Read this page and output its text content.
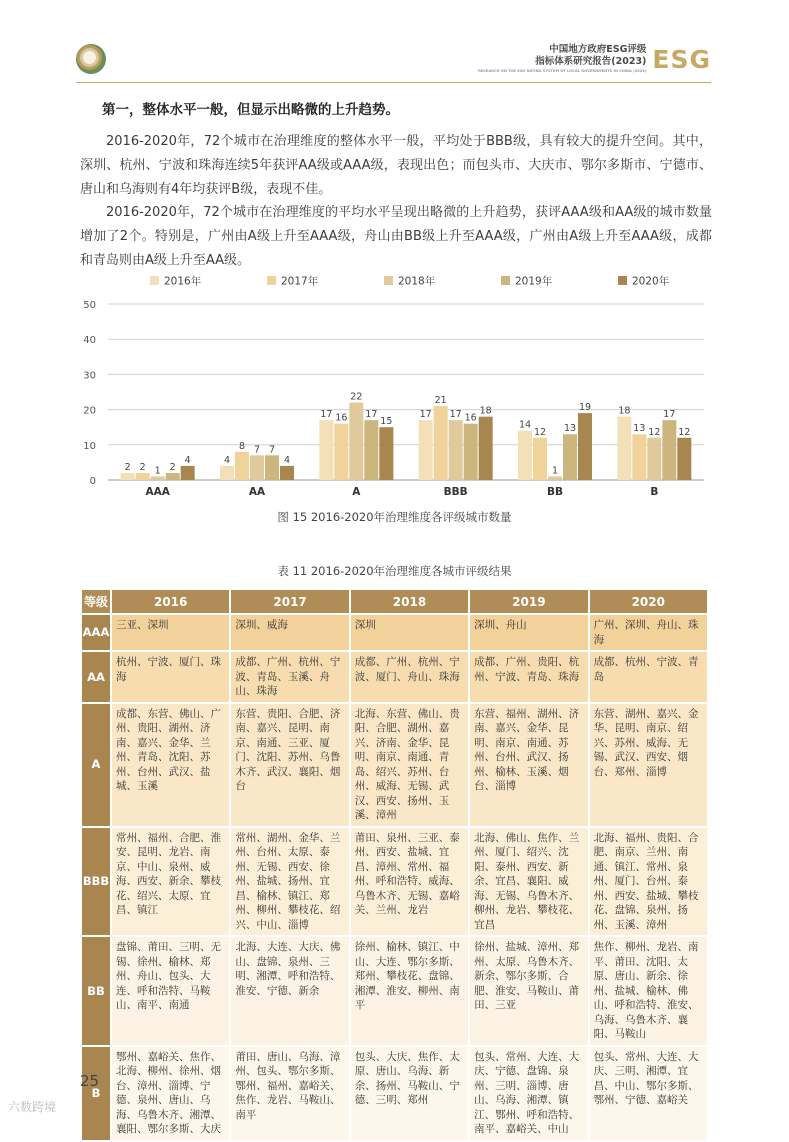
中国地方政府ESG评级
指标体系研究报告(2023)
RESEARCH ON THE ESG RATING SYSTEM OF LOCAL GOVERNMENTS IN CHINA (2023) ESG
第一，整体水平一般，但显示出略微的上升趋势。
2016-2020年，72个城市在治理维度的整体水平一般，平均处于BBB级，具有较大的提升空间。其中，深圳、杭州、宁波和珠海连续5年获评AA级或AAA级，表现出色；而包头市、大庆市、鄂尔多斯市、宁德市、唐山和乌海则有4年均获评B级，表现不佳。
2016-2020年，72个城市在治理维度的平均水平呈现出略微的上升趋势，获评AAA级和AA级的城市数量增加了2个。特别是，广州由A级上升至AAA级，舟山由BB级上升至AAA级，广州由A级上升至AAA级，成都和青岛则由A级上升至AA级。
2016年	2017年	2018年	2019年	2020年
0
10
20
30
40
50
2 2 1 2
4
AAA
4
8 7 7
4
AA
17 16
22
17
15
A
17
21
17 16
18
BBB
14
12
1
13
19
BB
18
13 12
17
12
B
图 15 2016-2020年治理维度各评级城市数量
表 11 2016-2020年治理维度各城市评级结果
等级	2016	2017	2018	2019	2020
AAA	三亚、深圳	深圳、威海	深圳	深圳、舟山	广州、深圳、舟山、珠海
AA	杭州、宁波、厦门、珠海	成都、广州、杭州、宁波、青岛、玉溪、舟山、珠海	成都、广州、杭州、宁波、厦门、舟山、珠海	成都、广州、贵阳、杭州、宁波、青岛、珠海	成都、杭州、宁波、青岛
A	成都、东营、佛山、广州、贵阳、湖州、济南、嘉兴、金华、兰州、青岛、沈阳、苏州、台州、武汉、盐城、玉溪	东营、贵阳、合肥、济南、嘉兴、昆明、南京、南通、三亚、厦门、沈阳、苏州、乌鲁木齐、武汉、襄阳、烟台	北海、东营、佛山、贵阳、合肥、湖州、嘉兴、济南、金华、昆明、南京、南通、青岛、绍兴、苏州、台州、威海、无锡、武汉、西安、扬州、玉溪、漳州	东营、福州、湖州、济南、嘉兴、金华、昆明、南京、南通、苏州、台州、武汉、扬州、榆林、玉溪、烟台、淄博	东营、湖州、嘉兴、金华、昆明、南京、绍兴、苏州、威海、无锡、武汉、西安、烟台、郑州、淄博
BBB	常州、福州、合肥、淮安、昆明、龙岩、南京、中山、泉州、威海、西安、新余、攀枝花、绍兴、太原、宜昌、镇江	常州、湖州、金华、兰州、台州、太原、泰州、无锡、西安、徐州、盐城、扬州、宜昌、榆林、镇江、郑州、柳州、攀枝花、绍兴、中山、淄博	莆田、泉州、三亚、泰州、西安、盐城、宜昌、漳州、常州、福州、呼和浩特、威海、乌鲁木齐、无锡、嘉峪关、兰州、龙岩	北海、佛山、焦作、兰州、厦门、绍兴、沈阳、泰州、西安、新余、宜昌、襄阳、威海、无锡、乌鲁木齐、柳州、龙岩、攀枝花、宜昌	北海、福州、贵阳、合肥、南京、兰州、南通、镇江、常州、泉州、厦门、台州、泰州、西安、盐城、攀枝花、盘锦、泉州、扬州、玉溪、漳州
BB	盘锦、莆田、三明、无锡、徐州、榆林、郑州、舟山、包头、大连、呼和浩特、马鞍山、南平、南通	北海、大连、大庆、佛山、盘锦、泉州、三明、湘潭、呼和浩特、淮安、宁德、新余	徐州、榆林、镇江、中山、大连、鄂尔多斯、郑州、攀枝花、盘锦、湘潭、淮安、柳州、南平	徐州、盐城、漳州、郑州、太原、乌鲁木齐、新余、鄂尔多斯、合肥、淮安、马鞍山、莆田、三亚	焦作、柳州、龙岩、南平、莆田、沈阳、太原、唐山、新余、徐州、盐城、榆林、佛山、呼和浩特、淮安、乌海、乌鲁木齐、襄阳、马鞍山
B	鄂州、嘉峪关、焦作、北海、柳州、徐州、烟台、漳州、淄博、宁德、泉州、唐山、乌海、乌鲁木齐、湘潭、襄阳、鄂尔多斯、大庆	莆田、唐山、乌海、漳州、包头、鄂尔多斯、鄂州、福州、嘉峪关、焦作、龙岩、马鞍山、南平	包头、大庆、焦作、太原、唐山、乌海、新余、扬州、马鞍山、宁德、三明、郑州	包头、常州、大连、大庆、宁德、盘锦、泉州、三明、淄博、唐山、乌海、湘潭、镇江、鄂州、呼和浩特、南平、嘉峪关、中山	包头、常州、大连、大庆、三明、湘潭、宜昌、中山、鄂尔多斯、鄂州、宁德、嘉峪关
25
六数跨境
